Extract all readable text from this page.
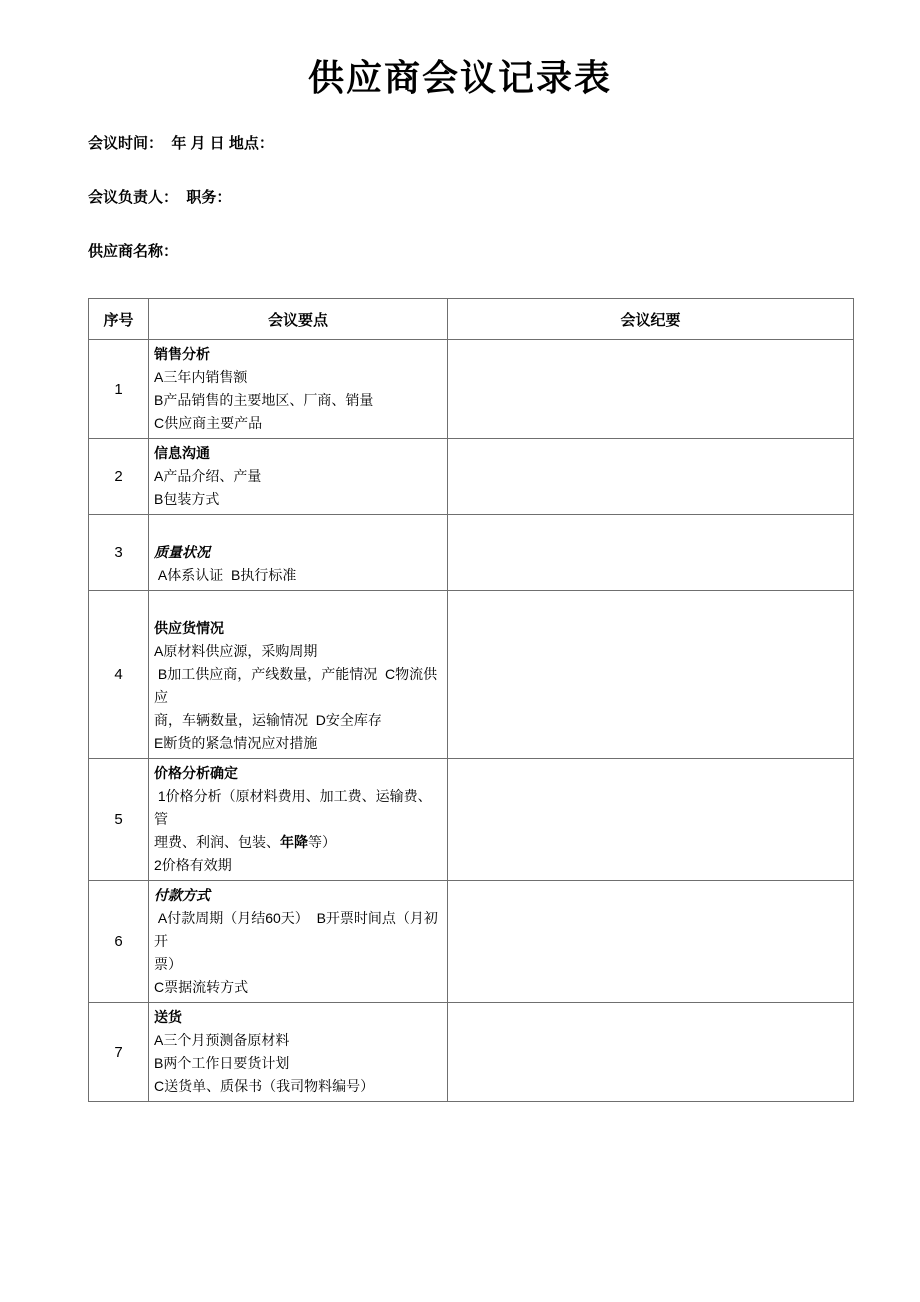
供应商会议记录表

会议时间：  年 月 日 地点：

会议负责人：  职务：

供应商名称：

序号	会议要点	会议纪要
1	销售分析
A三年内销售额
B产品销售的主要地区、厂商、销量
C供应商主要产品	

2	信息沟通
A产品介绍、产量
B包装方式	

3	质量状况
A体系认证  B执行标准	

4	供应货情况
A原材料供应源，采购周期
B加工供应商，产线数量，产能情况  C物流供应
商，车辆数量，运输情况  D安全库存
E断货的紧急情况应对措施	

5	价格分析确定
1价格分析（原材料费用、加工费、运输费、 管
理费、利润、包装、年降等）
2价格有效期	

6	付款方式
A付款周期（月结60天）  B开票时间点（月初开
票）
C票据流转方式	

7	送货
A三个月预测备原材料
B两个工作日要货计划
C送货单、质保书（我司物料编号）	
